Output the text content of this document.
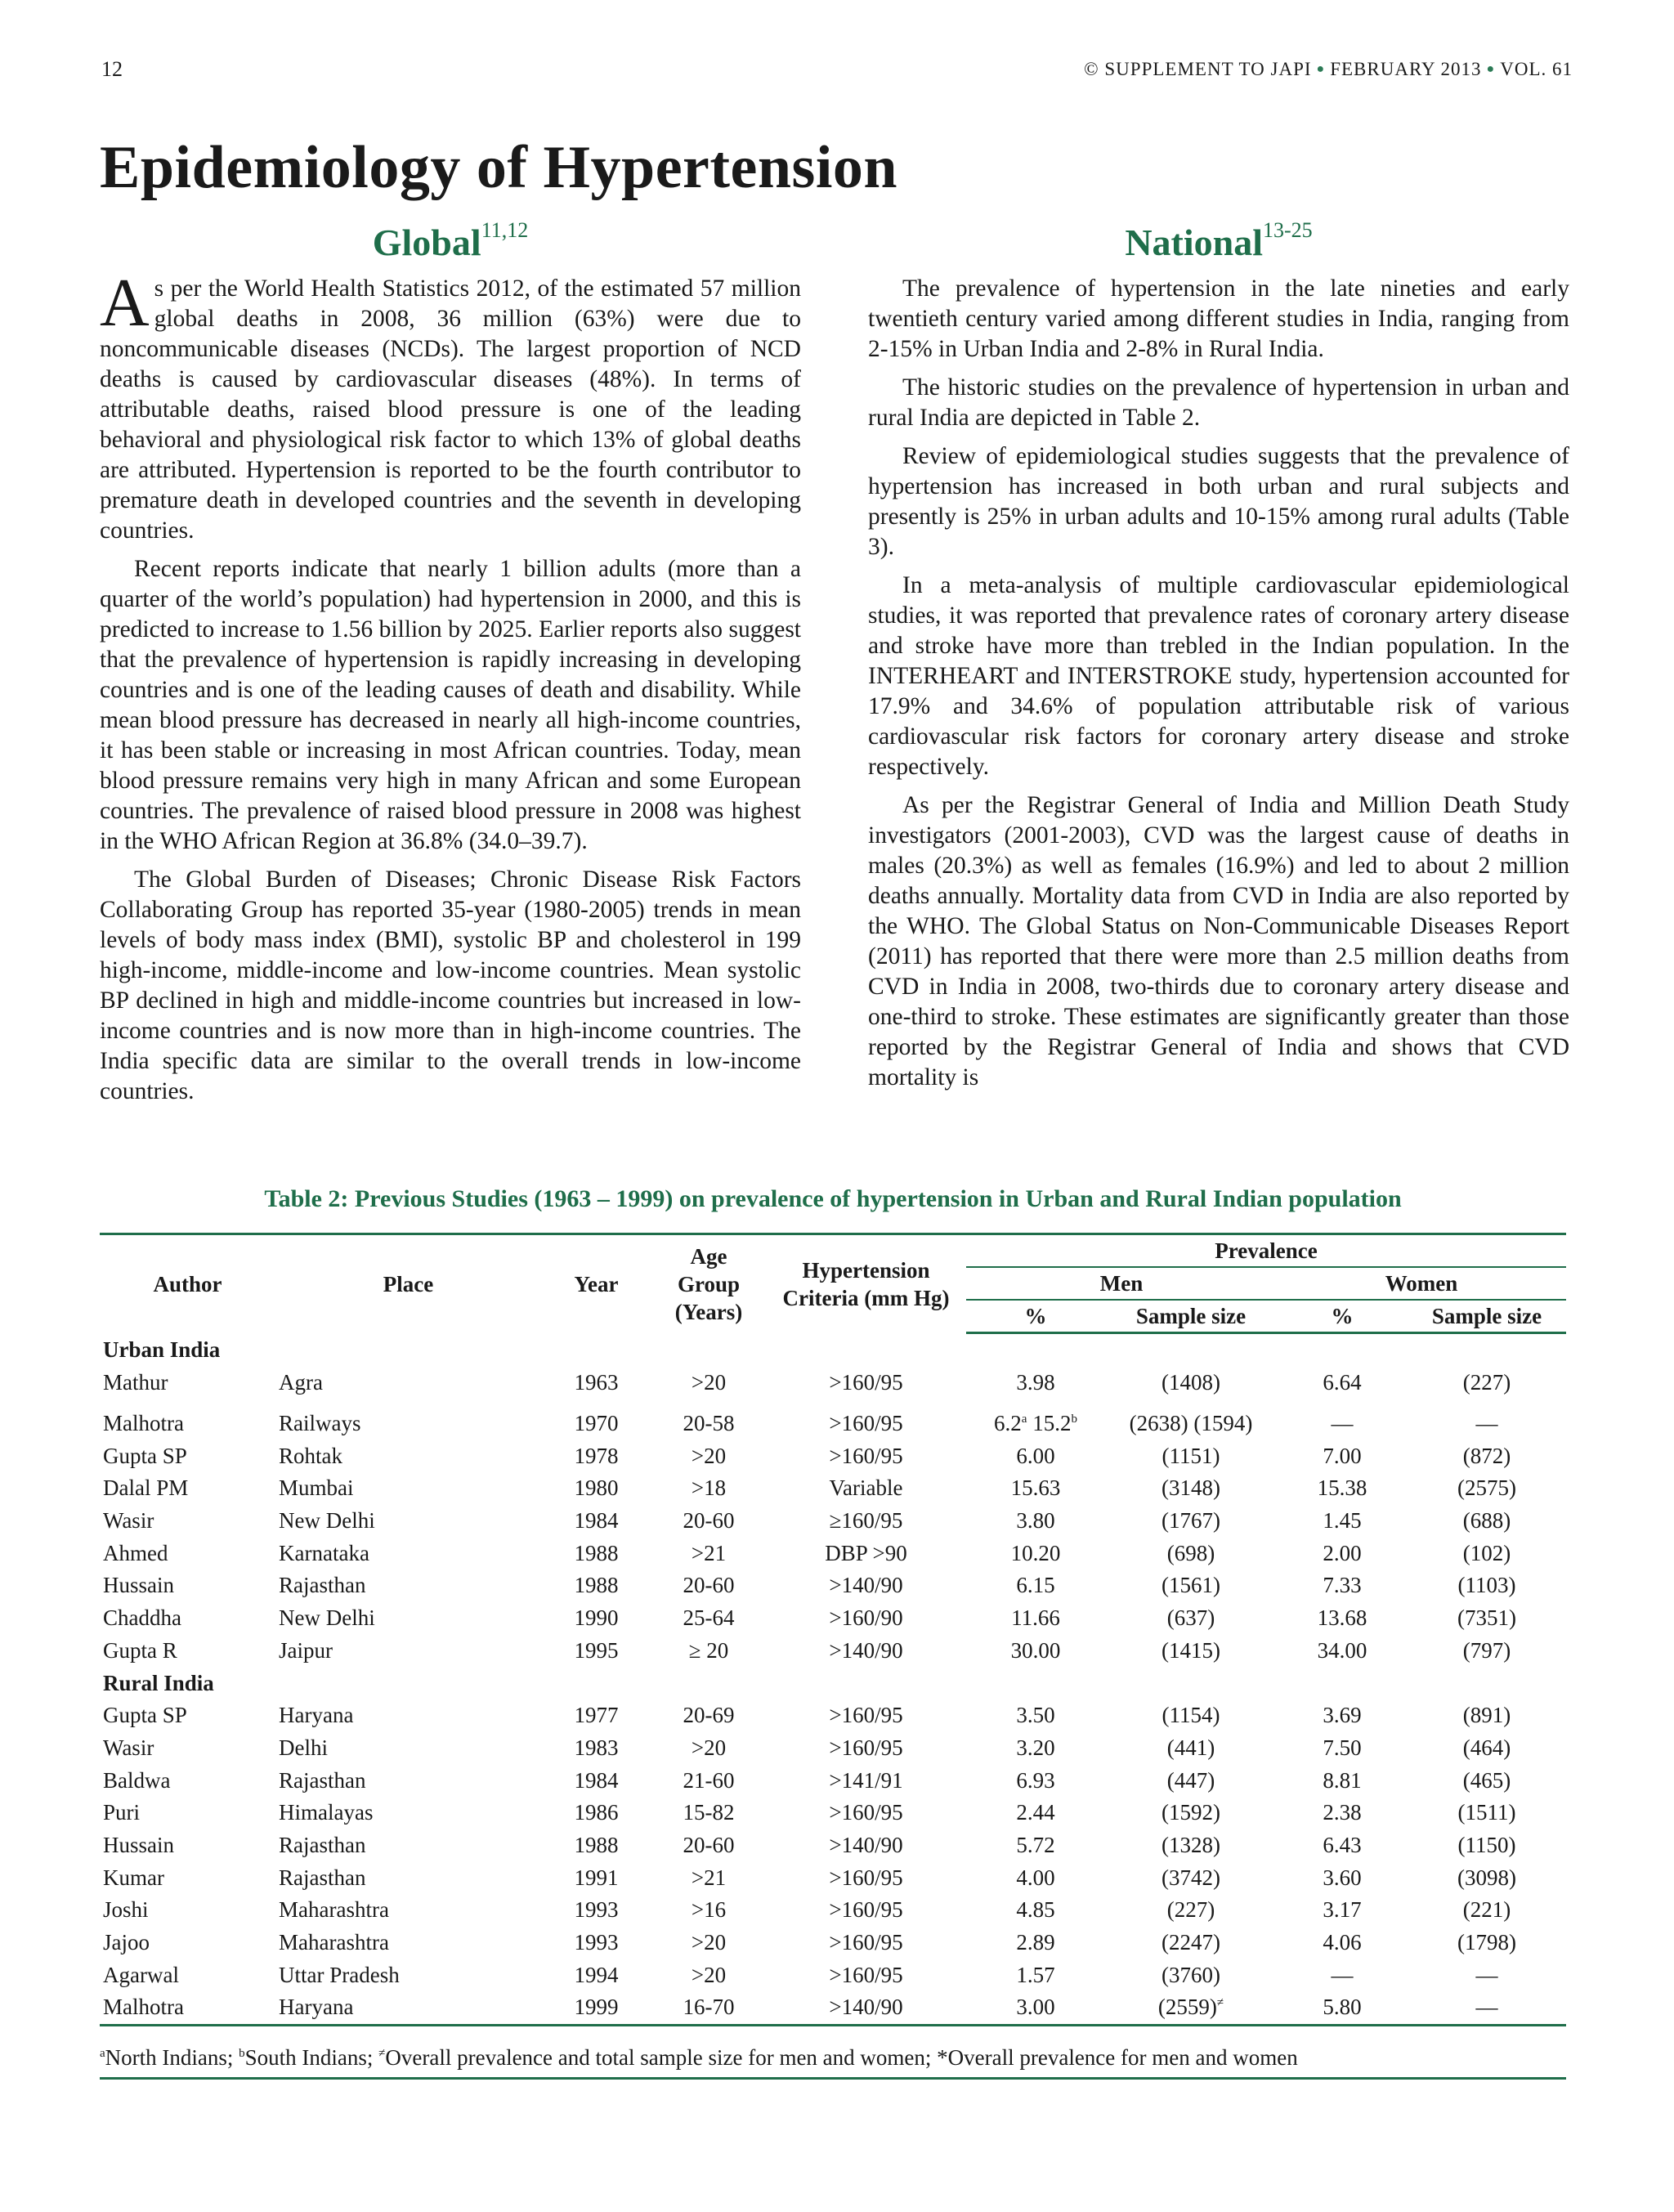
12	© SUPPLEMENT TO JAPI ● FEBRUARY 2013 ● VOL. 61
Epidemiology of Hypertension
Global$^{11,12}$

As per the World Health Statistics 2012, of the estimated 57 million global deaths in 2008, 36 million (63%) were due to noncommunicable diseases (NCDs). The largest proportion of NCD deaths is caused by cardiovascular diseases (48%). In terms of attributable deaths, raised blood pressure is one of the leading behavioral and physiological risk factor to which 13% of global deaths are attributed. Hypertension is reported to be the fourth contributor to premature death in developed countries and the seventh in developing countries.

Recent reports indicate that nearly 1 billion adults (more than a quarter of the world’s population) had hypertension in 2000, and this is predicted to increase to 1.56 billion by 2025. Earlier reports also suggest that the prevalence of hypertension is rapidly increasing in developing countries and is one of the leading causes of death and disability. While mean blood pressure has decreased in nearly all high-income countries, it has been stable or increasing in most African countries. Today, mean blood pressure remains very high in many African and some European countries. The prevalence of raised blood pressure in 2008 was highest in the WHO African Region at 36.8% (34.0–39.7).

The Global Burden of Diseases; Chronic Disease Risk Factors Collaborating Group has reported 35-year (1980-2005) trends in mean levels of body mass index (BMI), systolic BP and cholesterol in 199 high-income, middle-income and low-income countries. Mean systolic BP declined in high and middle-income countries but increased in low-income countries and is now more than in high-income countries. The India specific data are similar to the overall trends in low-income countries.

National$^{13-25}$

The prevalence of hypertension in the late nineties and early twentieth century varied among different studies in India, ranging from 2-15% in Urban India and 2-8% in Rural India.

The historic studies on the prevalence of hypertension in urban and rural India are depicted in Table 2.

Review of epidemiological studies suggests that the prevalence of hypertension has increased in both urban and rural subjects and presently is 25% in urban adults and 10-15% among rural adults (Table 3).

In a meta-analysis of multiple cardiovascular epidemiological studies, it was reported that prevalence rates of coronary artery disease and stroke have more than trebled in the Indian population. In the INTERHEART and INTERSTROKE study, hypertension accounted for 17.9% and 34.6% of population attributable risk of various cardiovascular risk factors for coronary artery disease and stroke respectively.

As per the Registrar General of India and Million Death Study investigators (2001-2003), CVD was the largest cause of deaths in males (20.3%) as well as females (16.9%) and led to about 2 million deaths annually. Mortality data from CVD in India are also reported by the WHO. The Global Status on Non-Communicable Diseases Report (2011) has reported that there were more than 2.5 million deaths from CVD in India in 2008, two-thirds due to coronary artery disease and one-third to stroke. These estimates are significantly greater than those reported by the Registrar General of India and shows that CVD mortality is

Table 2: Previous Studies (1963 – 1999) on prevalence of hypertension in Urban and Rural Indian population
Author	Place	Year	Age
Group
(Years)	Hypertension
Criteria (mm Hg)	Prevalence			
					Men		Women	
					%	Sample size	%	Sample size
Urban India								
Mathur	Agra	1963	>20	>160/95	3.98	(1408)	6.64	(227)
Malhotra	Railways	1970	20-58	>160/95	6.2$^a$ 15.2$^b$	(2638) (1594)	—	—
Gupta SP	Rohtak	1978	>20	>160/95	6.00	(1151)	7.00	(872)
Dalal PM	Mumbai	1980	>18	Variable	15.63	(3148)	15.38	(2575)
Wasir	New Delhi	1984	20-60	≥160/95	3.80	(1767)	1.45	(688)
Ahmed	Karnataka	1988	>21	DBP >90	10.20	(698)	2.00	(102)
Hussain	Rajasthan	1988	20-60	>140/90	6.15	(1561)	7.33	(1103)
Chaddha	New Delhi	1990	25-64	>160/90	11.66	(637)	13.68	(7351)
Gupta R	Jaipur	1995	≥ 20	>140/90	30.00	(1415)	34.00	(797)
Rural India								
Gupta SP	Haryana	1977	20-69	>160/95	3.50	(1154)	3.69	(891)
Wasir	Delhi	1983	>20	>160/95	3.20	(441)	7.50	(464)
Baldwa	Rajasthan	1984	21-60	>141/91	6.93	(447)	8.81	(465)
Puri	Himalayas	1986	15-82	>160/95	2.44	(1592)	2.38	(1511)
Hussain	Rajasthan	1988	20-60	>140/90	5.72	(1328)	6.43	(1150)
Kumar	Rajasthan	1991	>21	>160/95	4.00	(3742)	3.60	(3098)
Joshi	Maharashtra	1993	>16	>160/95	4.85	(227)	3.17	(221)
Jajoo	Maharashtra	1993	>20	>160/95	2.89	(2247)	4.06	(1798)
Agarwal	Uttar Pradesh	1994	>20	>160/95	1.57	(3760)	—	—
Malhotra	Haryana	1999	16-70	>140/90	3.00	(2559)≠	5.80	—
$^a$North Indians; $^b$South Indians; ≠Overall prevalence and total sample size for men and women; *Overall prevalence for men and women
